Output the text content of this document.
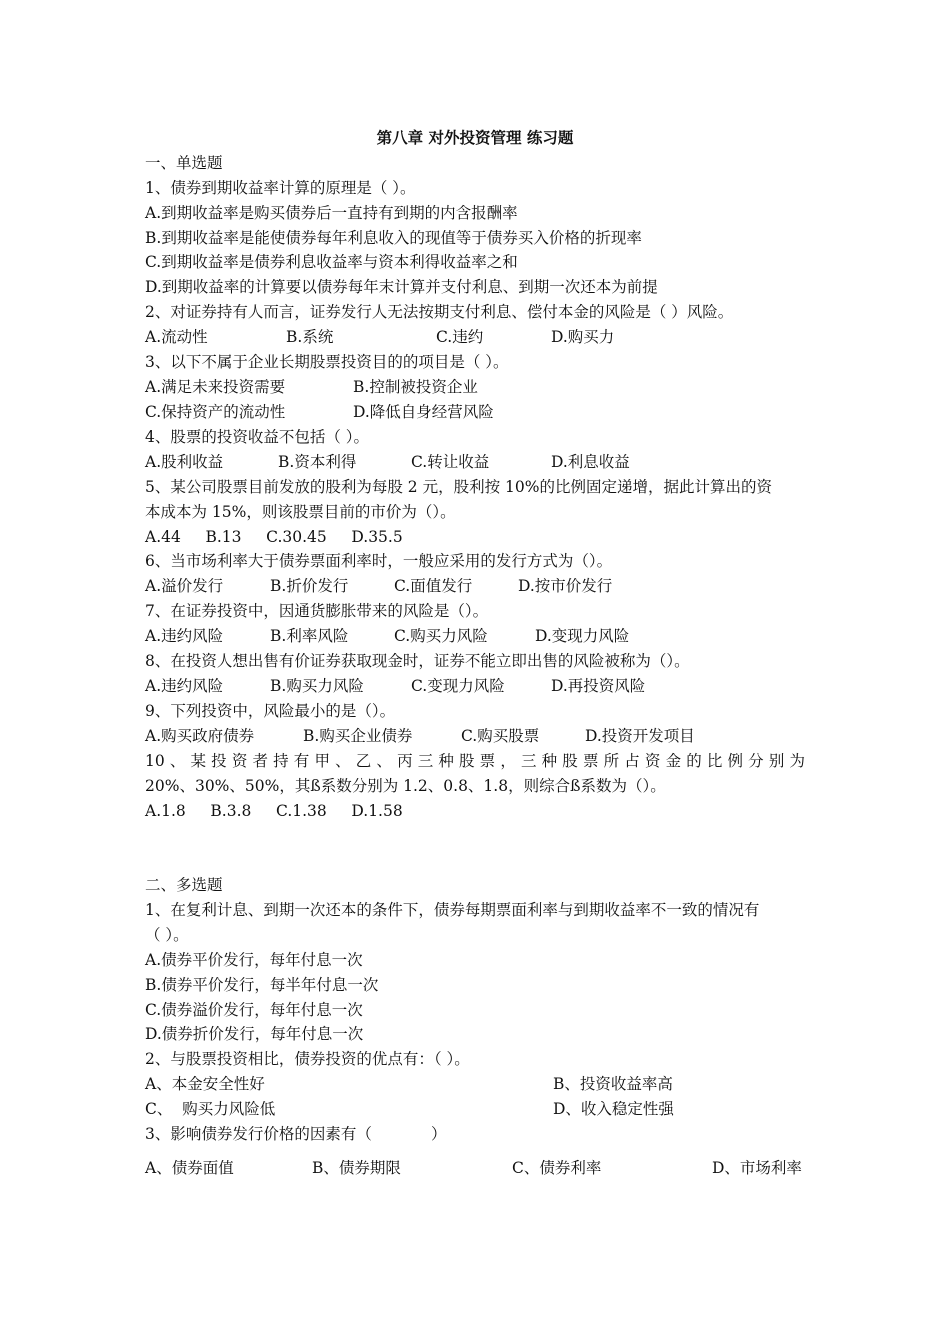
第八章 对外投资管理 练习题
一、单选题
1、债券到期收益率计算的原理是（ ）。
A.到期收益率是购买债券后一直持有到期的内含报酬率
B.到期收益率是能使债券每年利息收入的现值等于债券买入价格的折现率
C.到期收益率是债券利息收益率与资本利得收益率之和
D.到期收益率的计算要以债券每年末计算并支付利息、到期一次还本为前提
2、对证券持有人而言，证券发行人无法按期支付利息、偿付本金的风险是（ ）风险。
A.流动性	B.系统	C.违约	D.购买力
3、以下不属于企业长期股票投资目的的项目是（ ）。
A.满足未来投资需要	B.控制被投资企业
C.保持资产的流动性	D.降低自身经营风险
4、股票的投资收益不包括（ ）。
A.股利收益	B.资本利得	C.转让收益	D.利息收益
5、某公司股票目前发放的股利为每股 2 元，股利按 10%的比例固定递增，据此计算出的资
本成本为 15%，则该股票目前的市价为（）。
A.44     B.13     C.30.45     D.35.5
6、当市场利率大于债券票面利率时，一般应采用的发行方式为（）。
A.溢价发行	B.折价发行	C.面值发行	D.按市价发行
7、在证券投资中，因通货膨胀带来的风险是（）。
A.违约风险	B.利率风险	C.购买力风险	D.变现力风险
8、在投资人想出售有价证券获取现金时，证券不能立即出售的风险被称为（）。
A.违约风险	B.购买力风险	C.变现力风险	D.再投资风险
9、下列投资中，风险最小的是（）。
A.购买政府债券	B.购买企业债券	C.购买股票	D.投资开发项目
10、某投资者持有甲、乙、丙三种股票，三种股票所占资金的比例分别为
20%、30%、50%，其ß系数分别为 1.2、0.8、1.8，则综合ß系数为（）。
A.1.8     B.3.8     C.1.38     D.1.58
二、多选题
1、在复利计息、到期一次还本的条件下，债券每期票面利率与到期收益率不一致的情况有
（ ）。
A.债券平价发行，每年付息一次
B.债券平价发行，每半年付息一次
C.债券溢价发行，每年付息一次
D.债券折价发行，每年付息一次
2、与股票投资相比，债券投资的优点有：（ ）。
A、本金安全性好	B、投资收益率高
C、  购买力风险低	D、收入稳定性强
3、影响债券发行价格的因素有（            ）
A、债券面值	B、债券期限	C、债券利率	D、市场利率
